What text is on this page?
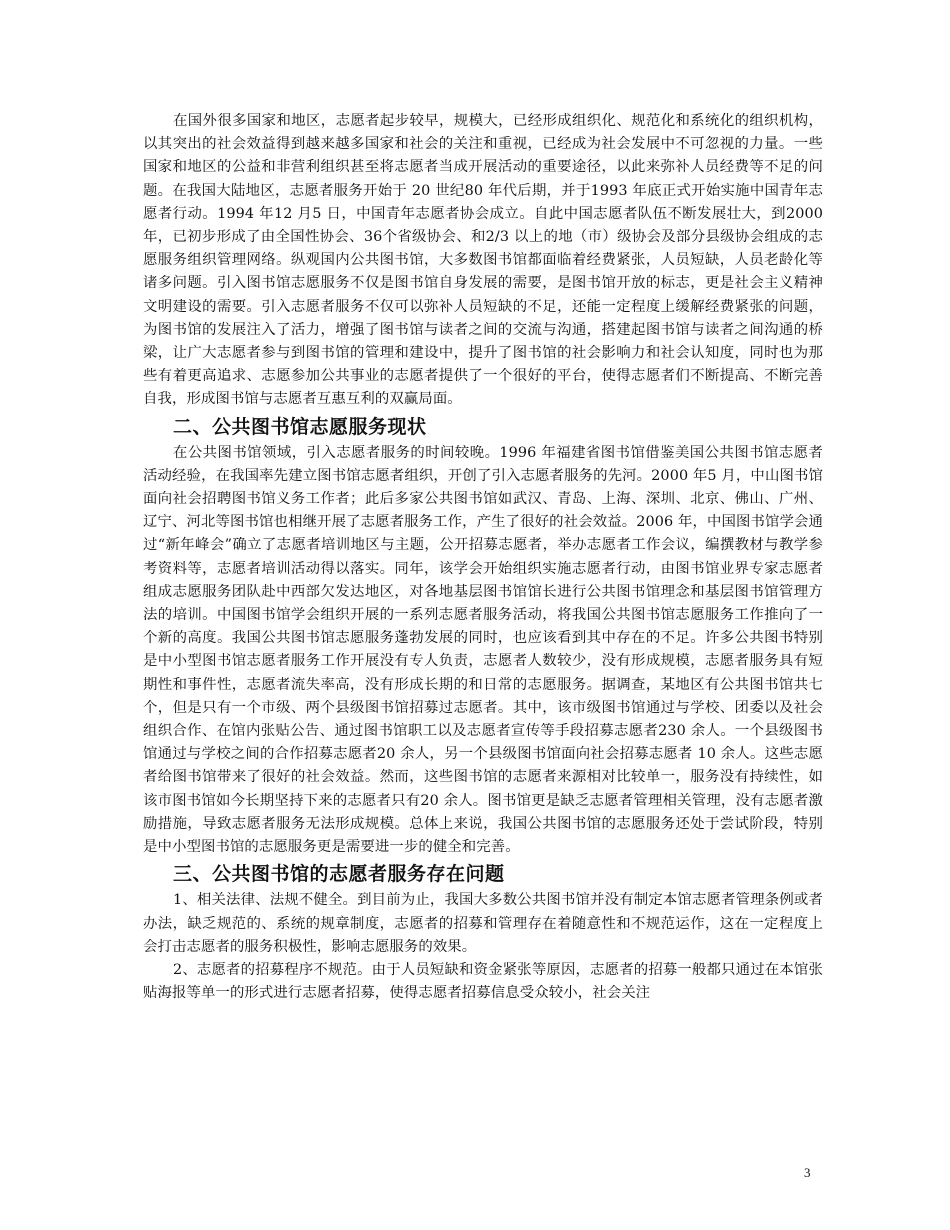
在国外很多国家和地区，志愿者起步较早，规模大，已经形成组织化、规范化和系统化的组织机构，以其突出的社会效益得到越来越多国家和社会的关注和重视，已经成为社会发展中不可忽视的力量。一些国家和地区的公益和非营利组织甚至将志愿者当成开展活动的重要途径，以此来弥补人员经费等不足的问题。在我国大陆地区，志愿者服务开始于 20 世纪80 年代后期，并于1993 年底正式开始实施中国青年志愿者行动。1994 年12 月5 日，中国青年志愿者协会成立。自此中国志愿者队伍不断发展壮大，到2000 年，已初步形成了由全国性协会、36个省级协会、和2/3 以上的地（市）级协会及部分县级协会组成的志愿服务组织管理网络。纵观国内公共图书馆，大多数图书馆都面临着经费紧张，人员短缺，人员老龄化等诸多问题。引入图书馆志愿服务不仅是图书馆自身发展的需要，是图书馆开放的标志，更是社会主义精神文明建设的需要。引入志愿者服务不仅可以弥补人员短缺的不足，还能一定程度上缓解经费紧张的问题，为图书馆的发展注入了活力，增强了图书馆与读者之间的交流与沟通，搭建起图书馆与读者之间沟通的桥梁，让广大志愿者参与到图书馆的管理和建设中，提升了图书馆的社会影响力和社会认知度，同时也为那些有着更高追求、志愿参加公共事业的志愿者提供了一个很好的平台，使得志愿者们不断提高、不断完善自我，形成图书馆与志愿者互惠互利的双赢局面。

二、公共图书馆志愿服务现状

在公共图书馆领域，引入志愿者服务的时间较晚。1996 年福建省图书馆借鉴美国公共图书馆志愿者活动经验，在我国率先建立图书馆志愿者组织，开创了引入志愿者服务的先河。2000 年5 月，中山图书馆面向社会招聘图书馆义务工作者；此后多家公共图书馆如武汉、青岛、上海、深圳、北京、佛山、广州、辽宁、河北等图书馆也相继开展了志愿者服务工作，产生了很好的社会效益。2006 年，中国图书馆学会通过“新年峰会”确立了志愿者培训地区与主题，公开招募志愿者，举办志愿者工作会议，编撰教材与教学参考资料等，志愿者培训活动得以落实。同年，该学会开始组织实施志愿者行动，由图书馆业界专家志愿者组成志愿服务团队赴中西部欠发达地区，对各地基层图书馆馆长进行公共图书馆理念和基层图书馆管理方法的培训。中国图书馆学会组织开展的一系列志愿者服务活动，将我国公共图书馆志愿服务工作推向了一个新的高度。我国公共图书馆志愿服务蓬勃发展的同时，也应该看到其中存在的不足。许多公共图书特别是中小型图书馆志愿者服务工作开展没有专人负责，志愿者人数较少，没有形成规模，志愿者服务具有短期性和事件性，志愿者流失率高，没有形成长期的和日常的志愿服务。据调查，某地区有公共图书馆共七个，但是只有一个市级、两个县级图书馆招募过志愿者。其中，该市级图书馆通过与学校、团委以及社会组织合作、在馆内张贴公告、通过图书馆职工以及志愿者宣传等手段招募志愿者230 余人。一个县级图书馆通过与学校之间的合作招募志愿者20 余人，另一个县级图书馆面向社会招募志愿者 10 余人。这些志愿者给图书馆带来了很好的社会效益。然而，这些图书馆的志愿者来源相对比较单一，服务没有持续性，如该市图书馆如今长期坚持下来的志愿者只有20 余人。图书馆更是缺乏志愿者管理相关管理，没有志愿者激励措施，导致志愿者服务无法形成规模。总体上来说，我国公共图书馆的志愿服务还处于尝试阶段，特别是中小型图书馆的志愿服务更是需要进一步的健全和完善。

三、公共图书馆的志愿者服务存在问题

1、相关法律、法规不健全。到目前为止，我国大多数公共图书馆并没有制定本馆志愿者管理条例或者办法，缺乏规范的、系统的规章制度，志愿者的招募和管理存在着随意性和不规范运作，这在一定程度上会打击志愿者的服务积极性，影响志愿服务的效果。

2、志愿者的招募程序不规范。由于人员短缺和资金紧张等原因，志愿者的招募一般都只通过在本馆张贴海报等单一的形式进行志愿者招募，使得志愿者招募信息受众较小，社会关注

3
